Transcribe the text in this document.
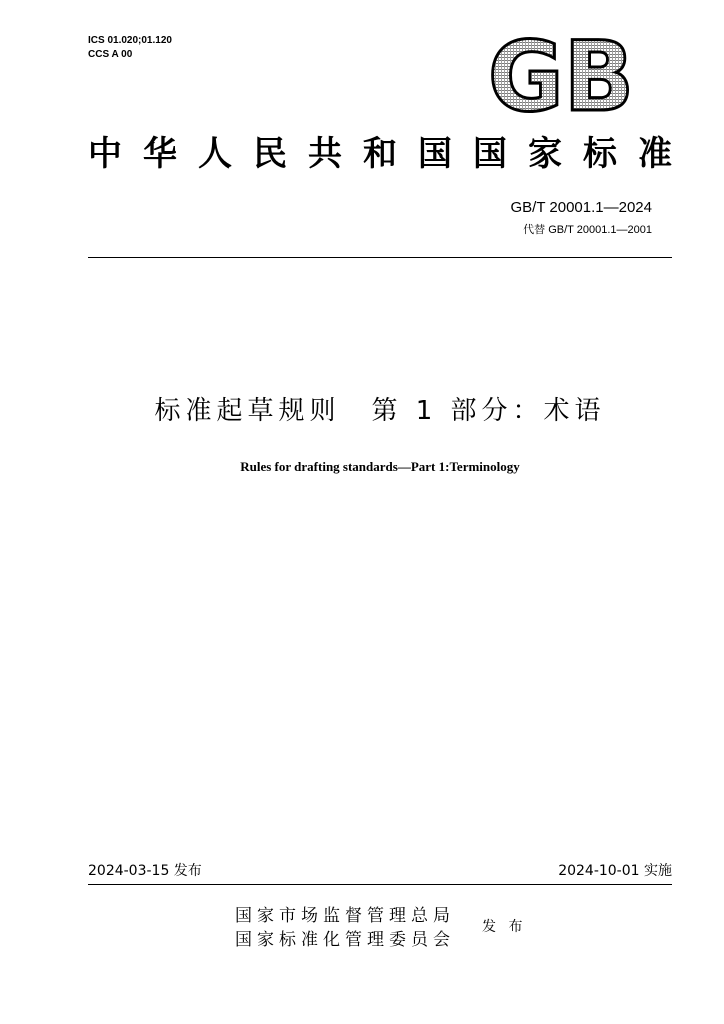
ICS 01.020;01.120
CCS A 00	GB
中华人民共和国国家标准
GB/T 20001.1—2024
代替 GB/T 20001.1—2001
标准起草规则　第 1 部分：术语
Rules for drafting standards—Part 1:Terminology
2024-03-15 发布	2024-10-01 实施
国家市场监督管理总局
国家标准化管理委员会
发 布
